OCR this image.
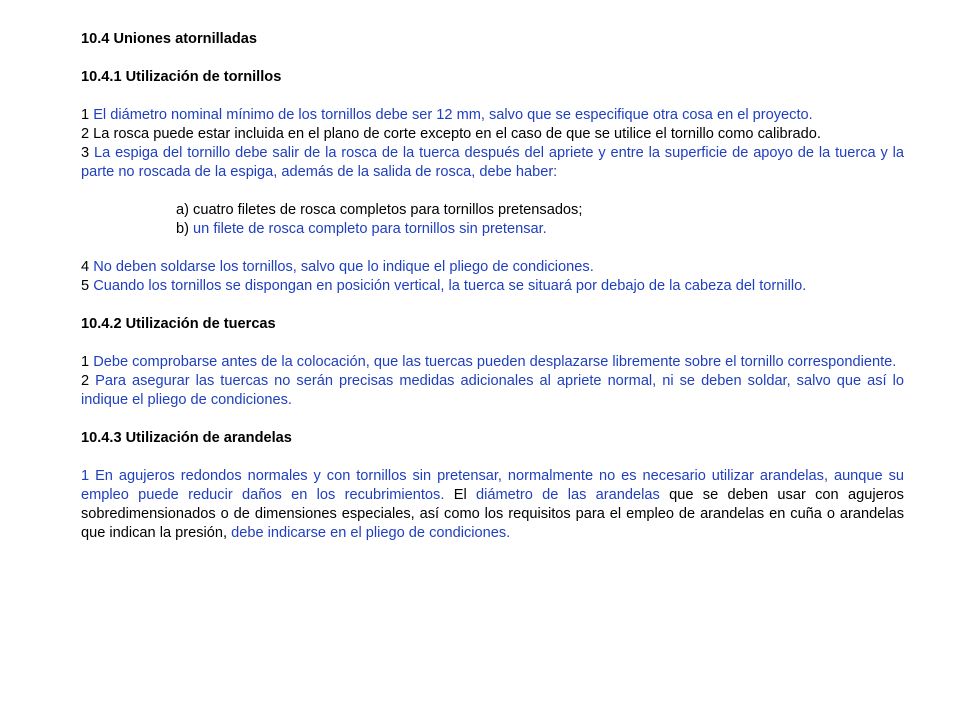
10.4 Uniones atornilladas
10.4.1 Utilización de tornillos

1 El diámetro nominal mínimo de los tornillos debe ser 12 mm, salvo que se especifique otra cosa en el proyecto.

2 La rosca puede estar incluida en el plano de corte excepto en el caso de que se utilice el tornillo como calibrado.

3 La espiga del tornillo debe salir de la rosca de la tuerca después del apriete y entre la superficie de apoyo de la tuerca y la parte no roscada de la espiga, además de la salida de rosca, debe haber:

a) cuatro filetes de rosca completos para tornillos pretensados;

b) un filete de rosca completo para tornillos sin pretensar.

4 No deben soldarse los tornillos, salvo que lo indique el pliego de condiciones.

5 Cuando los tornillos se dispongan en posición vertical, la tuerca se situará por debajo de la cabeza del tornillo.

10.4.2 Utilización de tuercas

1 Debe comprobarse antes de la colocación, que las tuercas pueden desplazarse libremente sobre el tornillo correspondiente.

2 Para asegurar las tuercas no serán precisas medidas adicionales al apriete normal, ni se deben soldar, salvo que así lo indique el pliego de condiciones.

10.4.3 Utilización de arandelas

1 En agujeros redondos normales y con tornillos sin pretensar, normalmente no es necesario utilizar arandelas, aunque su empleo puede reducir daños en los recubrimientos. El diámetro de las arandelas que se deben usar con agujeros sobredimensionados o de dimensiones especiales, así como los requisitos para el empleo de arandelas en cuña o arandelas que indican la presión, debe indicarse en el pliego de condiciones.
